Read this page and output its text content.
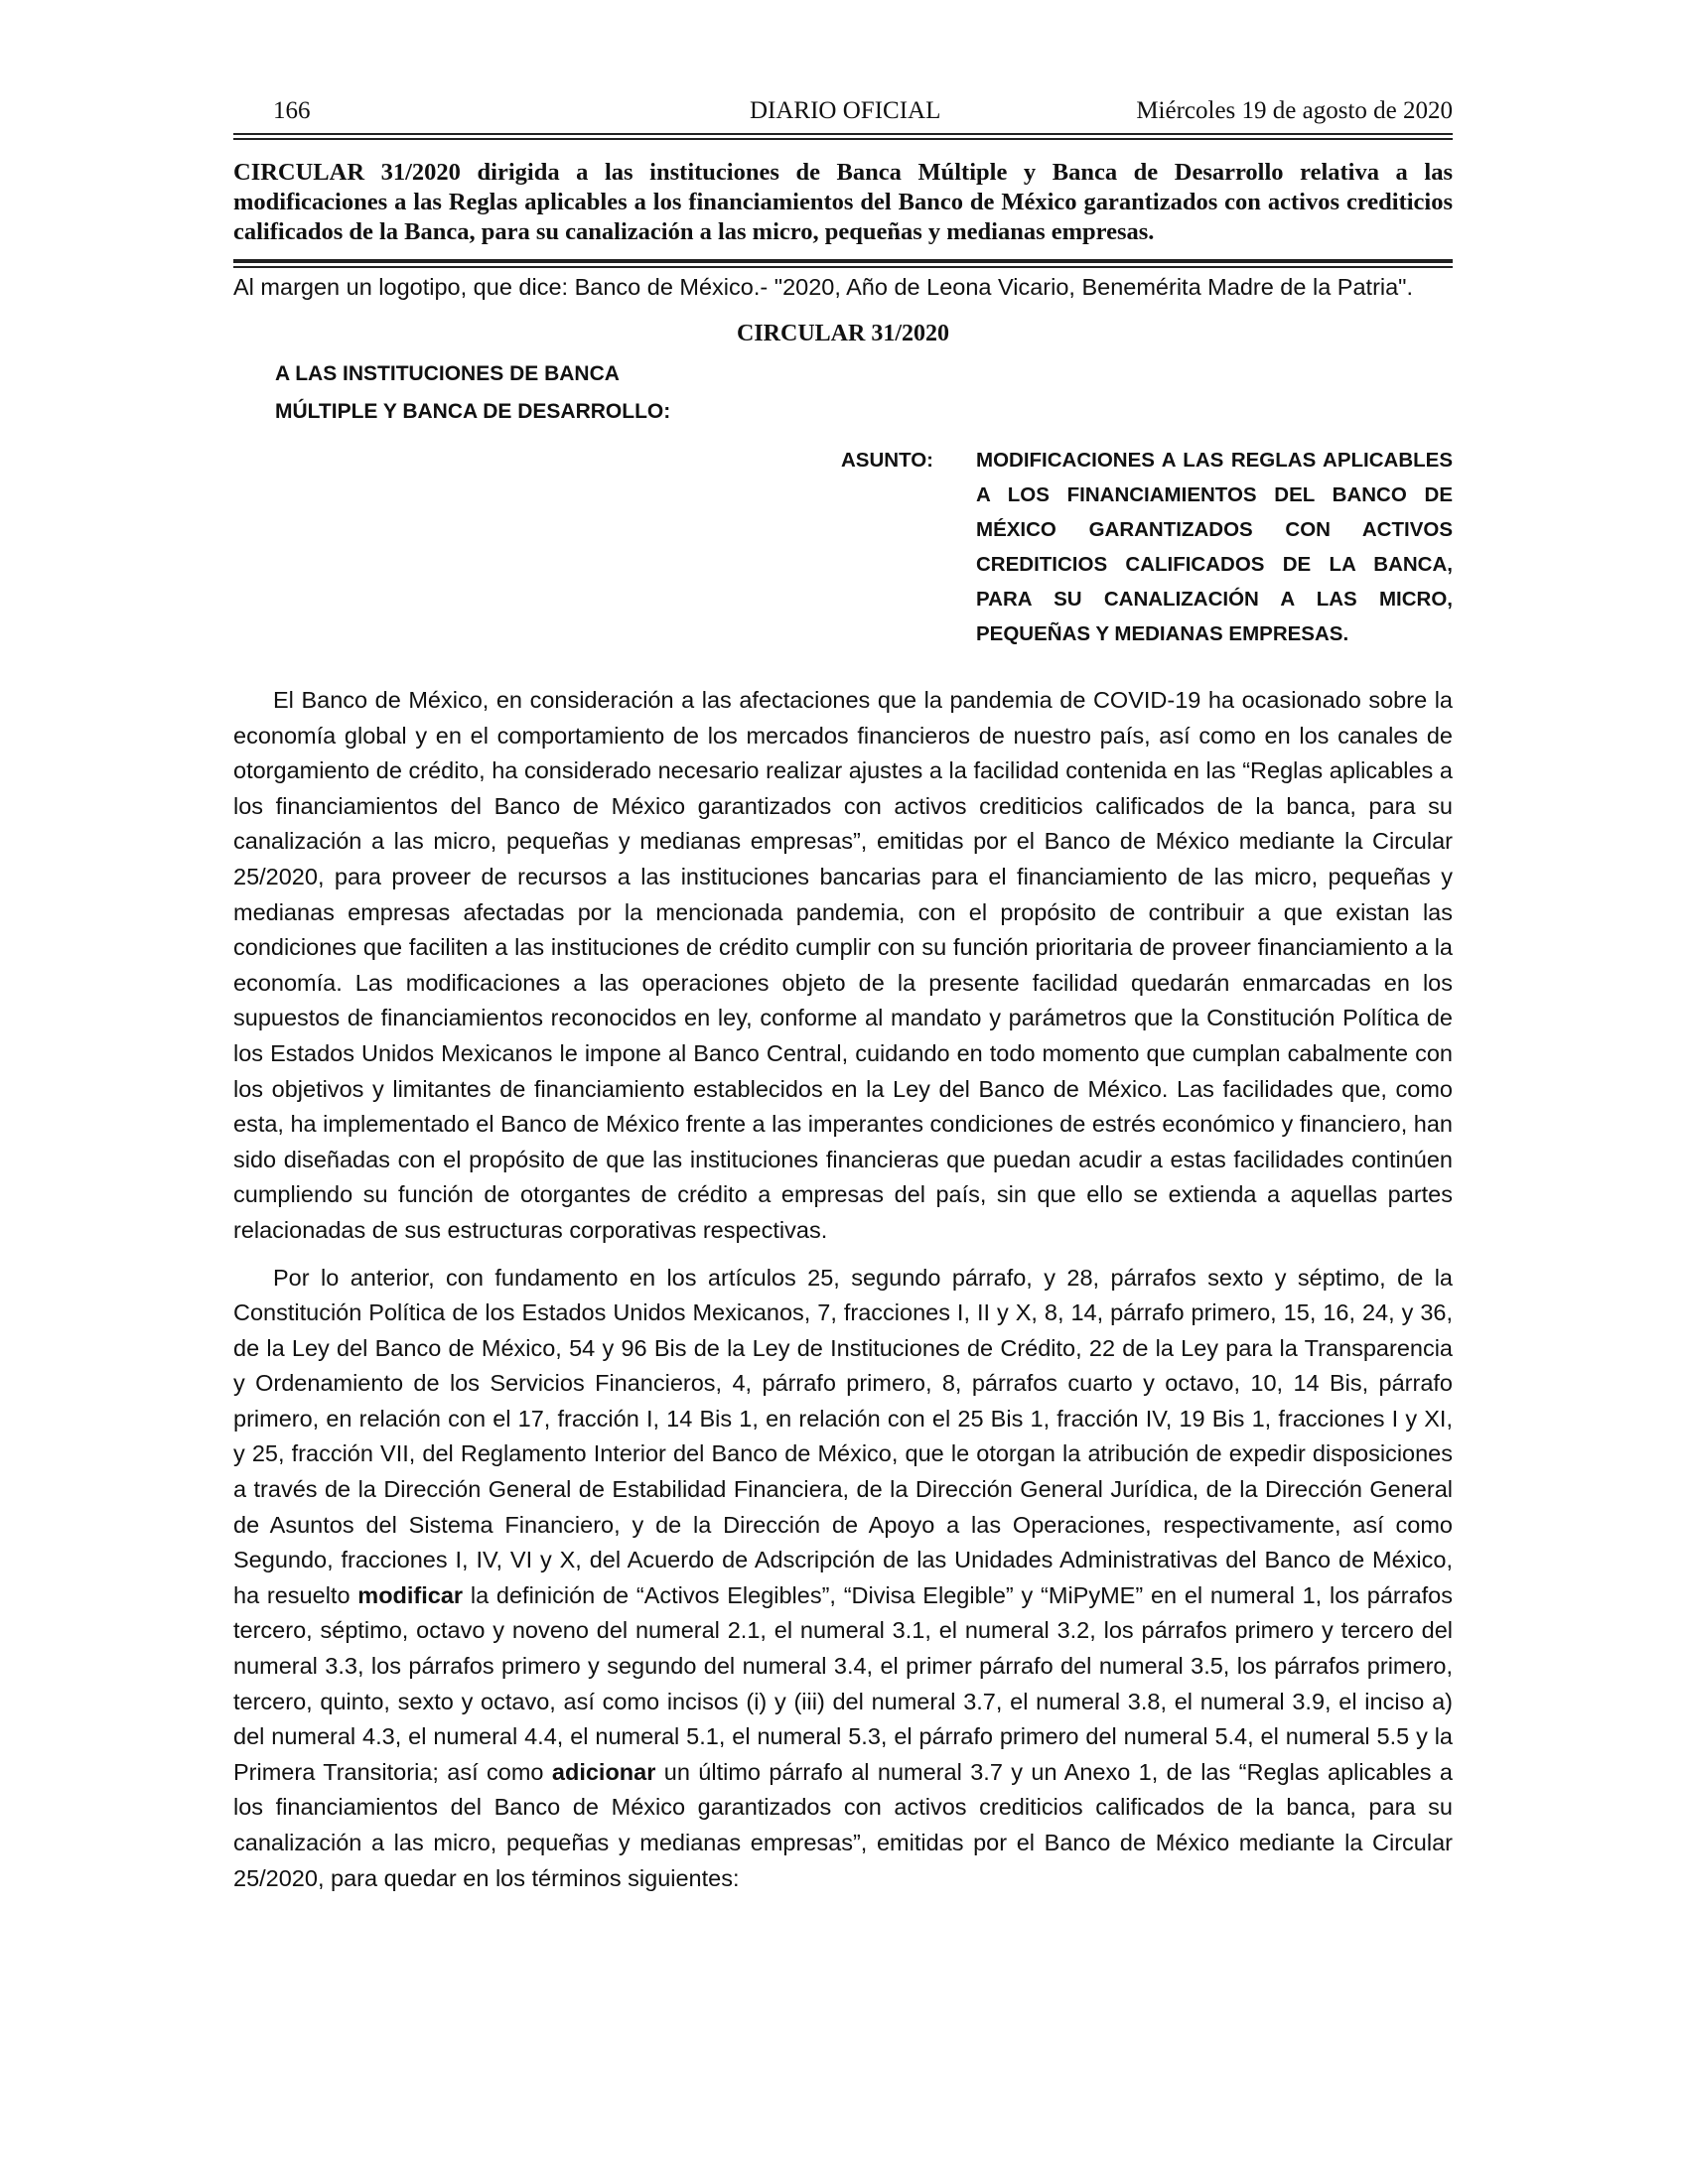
166	DIARIO OFICIAL	Miércoles 19 de agosto de 2020
CIRCULAR 31/2020 dirigida a las instituciones de Banca Múltiple y Banca de Desarrollo relativa a las modificaciones a las Reglas aplicables a los financiamientos del Banco de México garantizados con activos crediticios calificados de la Banca, para su canalización a las micro, pequeñas y medianas empresas.
Al margen un logotipo, que dice: Banco de México.- "2020, Año de Leona Vicario, Benemérita Madre de la Patria".
CIRCULAR 31/2020
A LAS INSTITUCIONES DE BANCA
MÚLTIPLE Y BANCA DE DESARROLLO:
ASUNTO: MODIFICACIONES A LAS REGLAS APLICABLES A LOS FINANCIAMIENTOS DEL BANCO DE MÉXICO GARANTIZADOS CON ACTIVOS CREDITICIOS CALIFICADOS DE LA BANCA, PARA SU CANALIZACIÓN A LAS MICRO, PEQUEÑAS Y MEDIANAS EMPRESAS.

El Banco de México, en consideración a las afectaciones que la pandemia de COVID-19 ha ocasionado sobre la economía global y en el comportamiento de los mercados financieros de nuestro país, así como en los canales de otorgamiento de crédito, ha considerado necesario realizar ajustes a la facilidad contenida en las “Reglas aplicables a los financiamientos del Banco de México garantizados con activos crediticios calificados de la banca, para su canalización a las micro, pequeñas y medianas empresas”, emitidas por el Banco de México mediante la Circular 25/2020, para proveer de recursos a las instituciones bancarias para el financiamiento de las micro, pequeñas y medianas empresas afectadas por la mencionada pandemia, con el propósito de contribuir a que existan las condiciones que faciliten a las instituciones de crédito cumplir con su función prioritaria de proveer financiamiento a la economía. Las modificaciones a las operaciones objeto de la presente facilidad quedarán enmarcadas en los supuestos de financiamientos reconocidos en ley, conforme al mandato y parámetros que la Constitución Política de los Estados Unidos Mexicanos le impone al Banco Central, cuidando en todo momento que cumplan cabalmente con los objetivos y limitantes de financiamiento establecidos en la Ley del Banco de México. Las facilidades que, como esta, ha implementado el Banco de México frente a las imperantes condiciones de estrés económico y financiero, han sido diseñadas con el propósito de que las instituciones financieras que puedan acudir a estas facilidades continúen cumpliendo su función de otorgantes de crédito a empresas del país, sin que ello se extienda a aquellas partes relacionadas de sus estructuras corporativas respectivas.

Por lo anterior, con fundamento en los artículos 25, segundo párrafo, y 28, párrafos sexto y séptimo, de la Constitución Política de los Estados Unidos Mexicanos, 7, fracciones I, II y X, 8, 14, párrafo primero, 15, 16, 24, y 36, de la Ley del Banco de México, 54 y 96 Bis de la Ley de Instituciones de Crédito, 22 de la Ley para la Transparencia y Ordenamiento de los Servicios Financieros, 4, párrafo primero, 8, párrafos cuarto y octavo, 10, 14 Bis, párrafo primero, en relación con el 17, fracción I, 14 Bis 1, en relación con el 25 Bis 1, fracción IV, 19 Bis 1, fracciones I y XI, y 25, fracción VII, del Reglamento Interior del Banco de México, que le otorgan la atribución de expedir disposiciones a través de la Dirección General de Estabilidad Financiera, de la Dirección General Jurídica, de la Dirección General de Asuntos del Sistema Financiero, y de la Dirección de Apoyo a las Operaciones, respectivamente, así como Segundo, fracciones I, IV, VI y X, del Acuerdo de Adscripción de las Unidades Administrativas del Banco de México, ha resuelto modificar la definición de “Activos Elegibles”, “Divisa Elegible” y “MiPyME” en el numeral 1, los párrafos tercero, séptimo, octavo y noveno del numeral 2.1, el numeral 3.1, el numeral 3.2, los párrafos primero y tercero del numeral 3.3, los párrafos primero y segundo del numeral 3.4, el primer párrafo del numeral 3.5, los párrafos primero, tercero, quinto, sexto y octavo, así como incisos (i) y (iii) del numeral 3.7, el numeral 3.8, el numeral 3.9, el inciso a) del numeral 4.3, el numeral 4.4, el numeral 5.1, el numeral 5.3, el párrafo primero del numeral 5.4, el numeral 5.5 y la Primera Transitoria; así como adicionar un último párrafo al numeral 3.7 y un Anexo 1, de las “Reglas aplicables a los financiamientos del Banco de México garantizados con activos crediticios calificados de la banca, para su canalización a las micro, pequeñas y medianas empresas”, emitidas por el Banco de México mediante la Circular 25/2020, para quedar en los términos siguientes:
